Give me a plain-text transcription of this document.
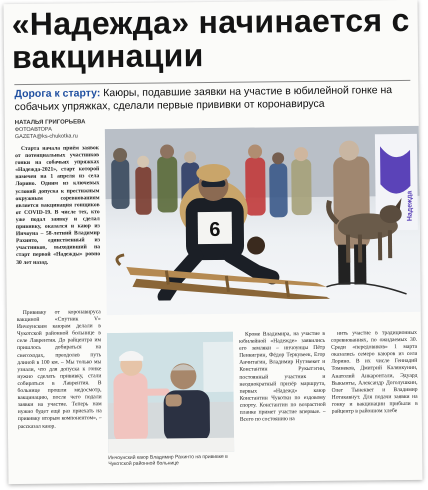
«Надежда» начинается с вакцинации
Дорога к старту: Каюры, подавшие заявки на участие в юбилейной гонке на собачьих упряжках, сделали первые прививки от коронавируса
НАТАЛЬЯ ГРИГОРЬЕВА
ФОТОАВТОРА
GAZETA@ks-chukotka.ru

Старта начала приём заявок от потенциальных участников гонки на собачьих упряжках «Надежда-2021», старт которой намечен на 1 апреля из села Лорино. Одним из ключевых условий допуска к престижным окружным соревнованиям является вакцинация гонщиков от COVID-19. В числе тех, кто уже подал заявку и сделал прививку, оказался и каюр из Инчоуна – 58-летний Владимир Рахинто, единственный из участников, выходивший на старт первой «Надежды» ровно 30 лет назад.

Прививку от коронавируса вакциной «Спутник V» Инчоунским каюрам делали в Чукотской районной больнице в селе Лаврентия. До райцентра им пришлось добираться на снегоходах, преодолев путь длиной в 100 км. – Мы только мы узнали, что для допуска к гонке нужно сделать прививку, стали собираться в Лаврентия. В больнице прошли медосмотр, вакцинацию, после чего подали заявки на участие. Теперь нам нужно будет ещё раз приехать на прививку вторым компонентом», – рассказал каюр.

Надежда
6
Инчоунский каюр Владимир Рахинто на прививке в Чукотской районной больнице

Кроме Владимира, на участие в юбилейной «Надежде» заявились его земляки – инчоунцы Пётр Пенкигрин, Фёдор Теркувеек, Егор Анчитагин, Владимир Нутэвекет и Константин Рукытэгин, постоянный участник и неоднократный призёр маршрута, первых «Надежд» каюр Константин Чукотки по ездовому спорту. Константин по возрастной планке примет участие впервые. – Всего по состоянию на

нить участие в традиционных соревнованиях, по ожидаемых 30. Среди «передовиков» 1 марта оказались семеро каюров из села Лорино. В их числе Геннадий Томнеков, Дмитрий Калянкунин, Анатолий Анкаронтали, Эдуард Выкынты, Александр Доголушкин, Олег Тынеквет и Владимир Нотакавнут. Для подачи заявки на гонку и вакцинации прибыли в райцентр в районном хлебе
